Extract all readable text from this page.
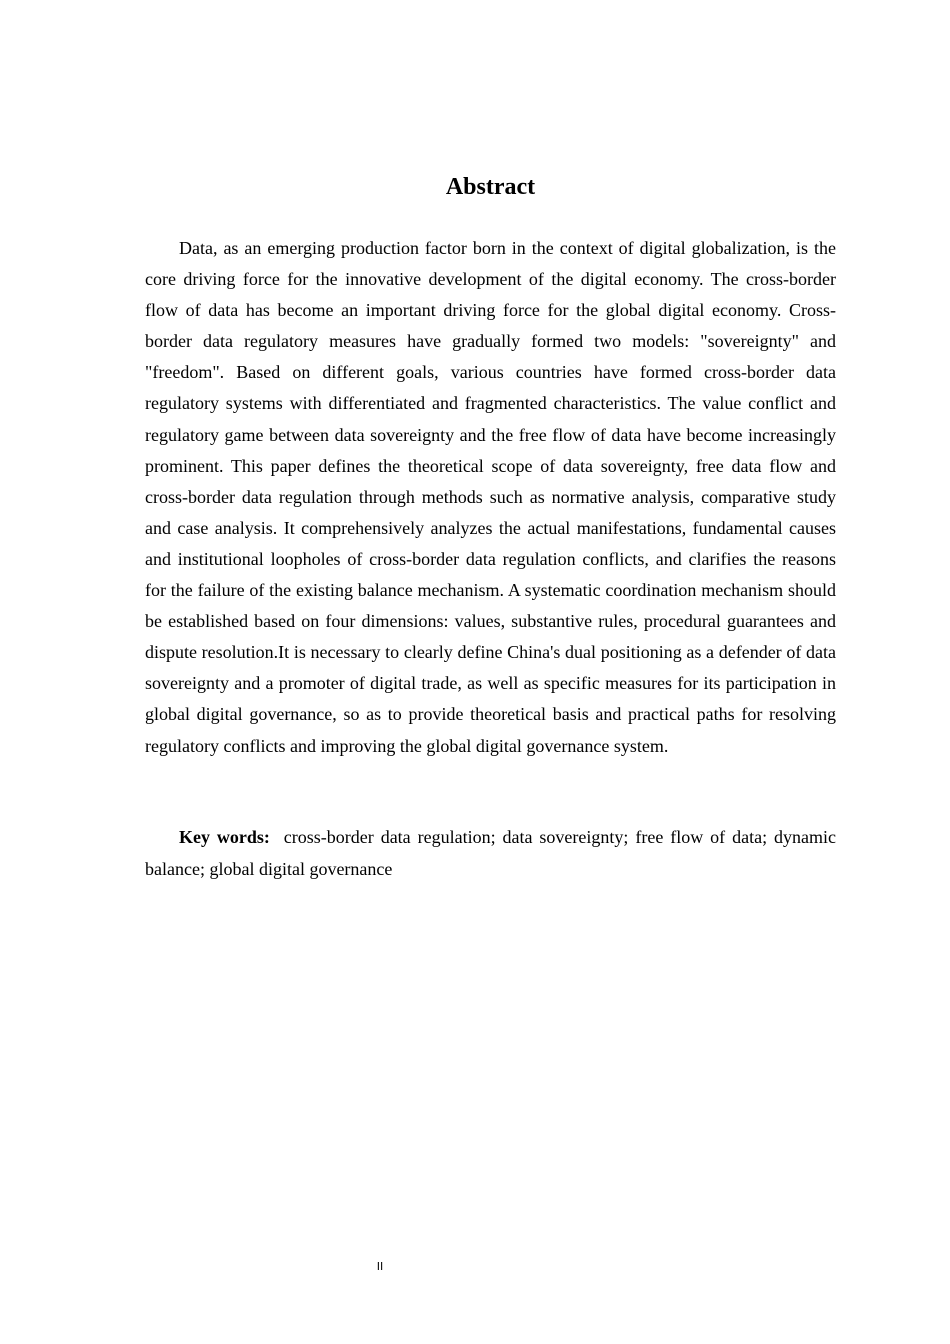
Abstract

Data, as an emerging production factor born in the context of digital globalization, is the core driving force for the innovative development of the digital economy. The cross-border flow of data has become an important driving force for the global digital economy. Cross-border data regulatory measures have gradually formed two models: "sovereignty" and "freedom". Based on different goals, various countries have formed cross-border data regulatory systems with differentiated and fragmented characteristics. The value conflict and regulatory game between data sovereignty and the free flow of data have become increasingly prominent. This paper defines the theoretical scope of data sovereignty, free data flow and cross-border data regulation through methods such as normative analysis, comparative study and case analysis. It comprehensively analyzes the actual manifestations, fundamental causes and institutional loopholes of cross-border data regulation conflicts, and clarifies the reasons for the failure of the existing balance mechanism. A systematic coordination mechanism should be established based on four dimensions: values, substantive rules, procedural guarantees and dispute resolution.It is necessary to clearly define China's dual positioning as a defender of data sovereignty and a promoter of digital trade, as well as specific measures for its participation in global digital governance, so as to provide theoretical basis and practical paths for resolving regulatory conflicts and improving the global digital governance system.

Key words: cross-border data regulation; data sovereignty; free flow of data; dynamic balance; global digital governance

II
